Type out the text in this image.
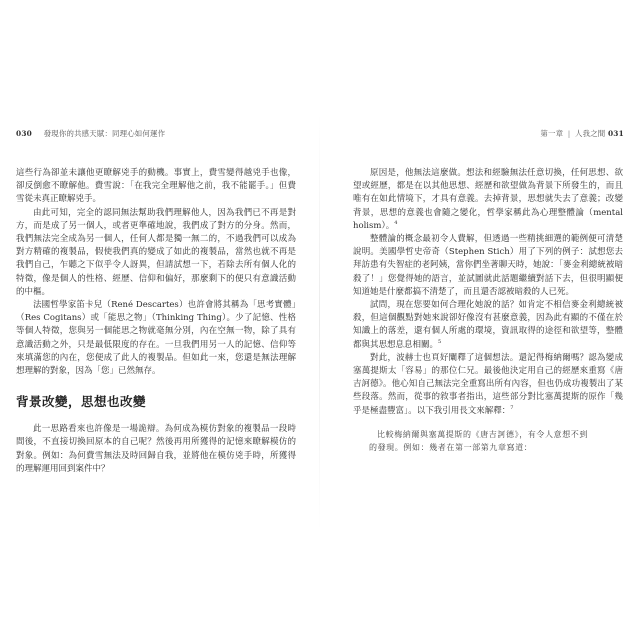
030 發現你的共感天賦：同理心如何運作

這些行為卻並未讓他更瞭解兇手的動機。事實上，費雪變得越兇手也像，卻反倒愈不瞭解他。費雪說：「在我完全理解他之前，我不能罷手。」但費雪從未真正瞭解兇手。

由此可知，完全的認同無法幫助我們理解他人，因為我們已不再是對方，而是成了另一個人，或者更準確地說，我們成了對方的分身。然而，我們無法完全成為另一個人，任何人都是獨一無二的，不過我們可以成為對方精確的複製品，假使我們真的變成了如此的複製品，當然也就不再是我們自己，乍聽之下似乎令人訝異，但請試想一下，若除去所有個人化的特徵，像是個人的性格、經歷、信仰和偏好，那麼剩下的便只有意識活動的中樞。

法國哲學家笛卡兒（René Descartes）也許會將其稱為「思考實體」（Res Cogitans）或「能思之物」（Thinking Thing）。少了記憶、性格等個人特徵，您與另一個能思之物就毫無分別，內在空無一物，除了具有意識活動之外，只是最低限度的存在。一旦我們用另一人的記憶、信仰等來填滿您的內在，您便成了此人的複製品。但如此一來，您還是無法理解想理解的對象，因為「您」已然無存。

背景改變，思想也改變

此一思路看來也許像是一場詭辯。為何成為模仿對象的複製品一段時間後，不直接切換回原本的自己呢？然後再用所獲得的記憶來瞭解模仿的對象。例如：為何費雪無法及時回歸自我，並將他在模仿兇手時，所獲得的理解運用回到案件中？

第一章 | 人我之間 031

原因是，他無法這麼做。想法和經驗無法任意切換，任何思想、欲望或經歷，都是在以其他思想、經歷和欲望做為背景下所發生的，而且唯有在如此情境下，才具有意義。去掉背景，思想就失去了意義；改變背景，思想的意義也會隨之變化，哲學家稱此為心理整體論（mental holism）。$^4$

整體論的概念最初令人費解，但透過一些精挑細選的範例便可清楚說明。美國學哲史帝奇（Stephen Stich）用了下列的例子：試想您去拜訪患有失智症的老阿姨，當你們坐著聊天時，她說：「麥金利總統被暗殺了！」您覺得她的語言，並試圖就此話題繼續對話下去，但很明顯便知道她是什麼都搞不清楚了，而且還否認被暗殺的人已死。

試問，現在您要如何合理化她說的話？如肯定不相信麥金利總統被殺，但這個觀點對她來說卻好像沒有甚麼意義，因為此有顯的不僅在於知識上的落差，還有個人所處的環境，資訊取得的途徑和欲望等，整體都與其思想息息相關。$^5$

對此，波赫士也頁好闡釋了這個想法。還記得梅納爾嗎？認為變成塞萬提斯太「容易」的那位仁兄。最後他決定用自己的經歷來重寫《唐吉訶德》。他心知自己無法完全重寫出所有內容，但也仍成功複製出了某些段落。然而，從事的敘事者指出，這些部分對比塞萬提斯的原作「幾乎是極盡豐富」。以下我引用長文來解釋：$^7$

比較梅納爾與塞萬提斯的《唐吉訶德》，有令人意想不到
的發現。例如：幾者在第一部第九章寫道：
